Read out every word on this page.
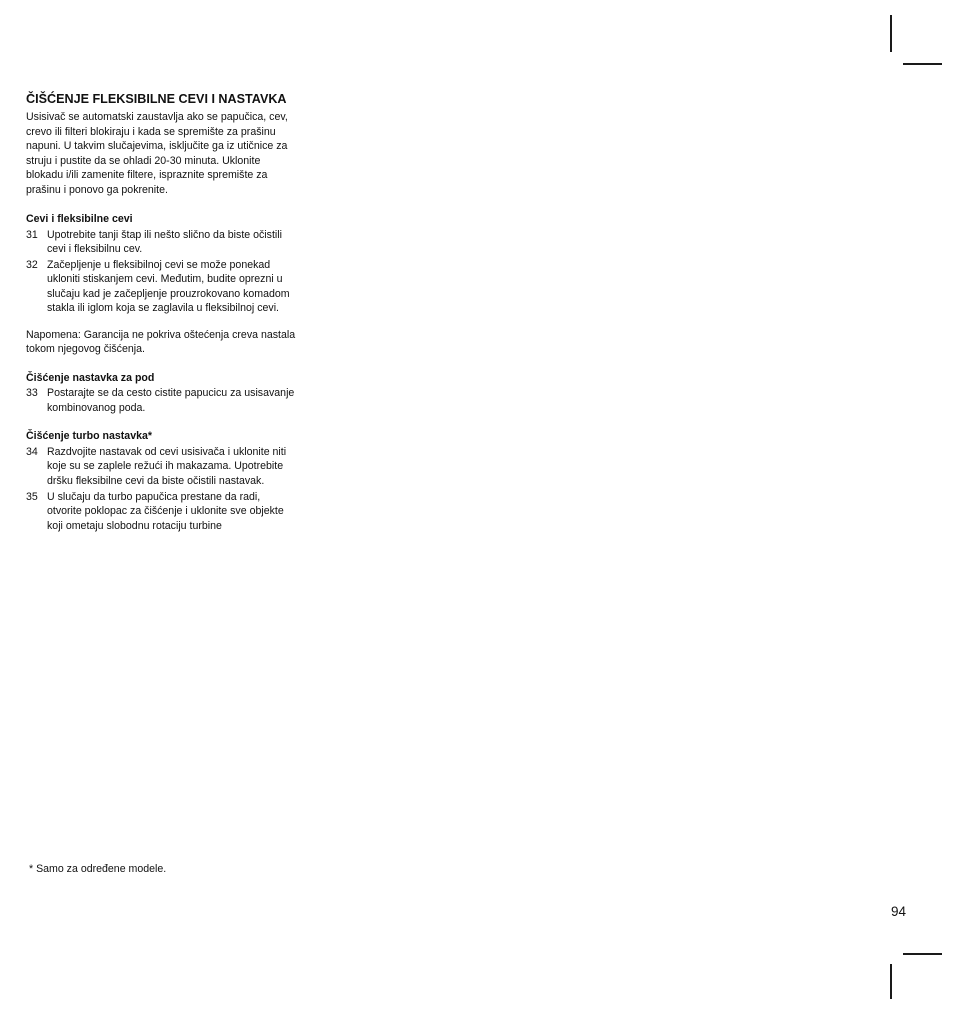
ČIŠĆENJE FLEKSIBILNE CEVI I NASTAVKA

Usisivač se automatski zaustavlja ako se papučica, cev, crevo ili filteri blokiraju i kada se spremište za prašinu napuni. U takvim slučajevima, isključite ga iz utičnice za struju i pustite da se ohladi 20-30 minuta. Uklonite blokadu i/ili zamenite filtere, ispraznite spremište za prašinu i ponovo ga pokrenite.

Cevi i fleksibilne cevi
31 Upotrebite tanji štap ili nešto slično da biste očistili cevi i fleksibilnu cev.
32 Začepljenje u fleksibilnoj cevi se može ponekad ukloniti stiskanjem cevi. Međutim, budite oprezni u slučaju kad je začepljenje prouzrokovano komadom stakla ili iglom koja se zaglavila u fleksibilnoj cevi.

Napomena: Garancija ne pokriva oštećenja creva nastala tokom njegovog čišćenja.

Čišćenje nastavka za pod
33 Postarajte se da cesto cistite papucicu za usisavanje kombinovanog poda.
Čišćenje turbo nastavka*
34 Razdvojite nastavak od cevi usisivača i uklonite niti koje su se zaplele režući ih makazama. Upotrebite dršku fleksibilne cevi da biste očistili nastavak.
35 U slučaju da turbo papučica prestane da radi, otvorite poklopac za čišćenje i uklonite sve objekte koji ometaju slobodnu rotaciju turbine
* Samo za određene modele.
94
